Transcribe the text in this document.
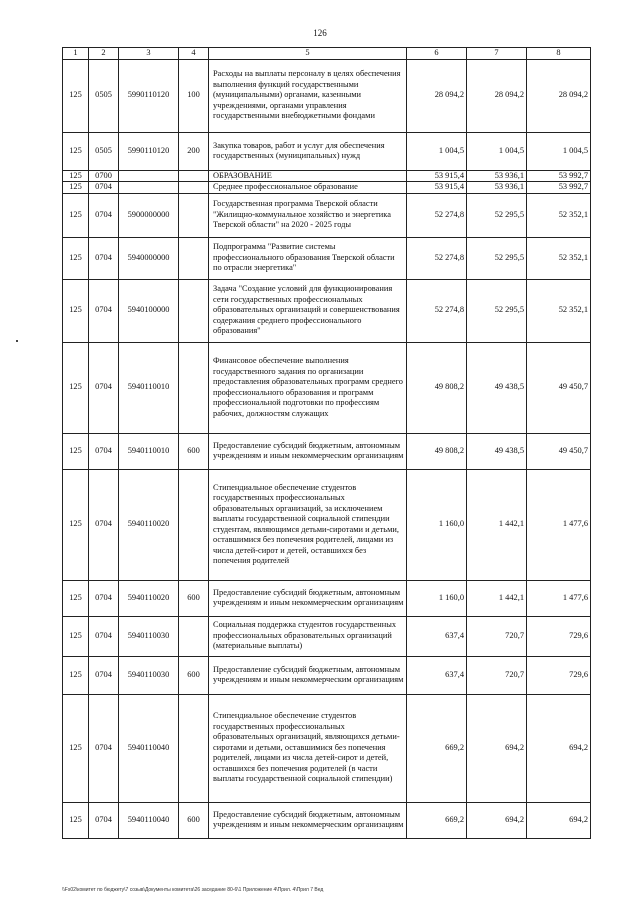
126
1	2	3	4	5	6	7	8
125	0505	5990110120	100	Расходы на выплаты персоналу в целях обеспечения выполнения функций государственными (муниципальными) органами, казенными учреждениями, органами управления государственными внебюджетными фондами	28 094,2	28 094,2	28 094,2
125	0505	5990110120	200	Закупка товаров, работ и услуг для обеспечения государственных (муниципальных) нужд	1 004,5	1 004,5	1 004,5
125	0700			ОБРАЗОВАНИЕ	53 915,4	53 936,1	53 992,7
125	0704			Среднее профессиональное образование	53 915,4	53 936,1	53 992,7
125	0704	5900000000		Государственная программа Тверской области "Жилищно-коммунальное хозяйство и энергетика Тверской области" на 2020 - 2025 годы	52 274,8	52 295,5	52 352,1
125	0704	5940000000		Подпрограмма "Развитие системы профессионального образования Тверской области по отрасли энергетика"	52 274,8	52 295,5	52 352,1
125	0704	5940100000		Задача "Создание условий для функционирования сети государственных профессиональных образовательных организаций и совершенствования содержания среднего профессионального образования"	52 274,8	52 295,5	52 352,1
125	0704	5940110010		Финансовое обеспечение выполнения государственного задания по организации предоставления образовательных программ среднего профессионального образования и программ профессиональной подготовки по профессиям рабочих, должностям служащих	49 808,2	49 438,5	49 450,7
125	0704	5940110010	600	Предоставление субсидий бюджетным, автономным учреждениям и иным некоммерческим организациям	49 808,2	49 438,5	49 450,7
125	0704	5940110020		Стипендиальное обеспечение студентов государственных профессиональных образовательных организаций, за исключением выплаты государственной социальной стипендии студентам, являющимся детьми-сиротами и детьми, оставшимися без попечения родителей, лицами из числа детей-сирот и детей, оставшихся без попечения родителей	1 160,0	1 442,1	1 477,6
125	0704	5940110020	600	Предоставление субсидий бюджетным, автономным учреждениям и иным некоммерческим организациям	1 160,0	1 442,1	1 477,6
125	0704	5940110030		Социальная поддержка студентов государственных профессиональных образовательных организаций (материальные выплаты)	637,4	720,7	729,6
125	0704	5940110030	600	Предоставление субсидий бюджетным, автономным учреждениям и иным некоммерческим организациям	637,4	720,7	729,6
125	0704	5940110040		Стипендиальное обеспечение студентов государственных профессиональных образовательных организаций, являющихся детьми-сиротами и детьми, оставшимися без попечения родителей, лицами из числа детей-сирот и детей, оставшихся без попечения родителей (в части выплаты государственной социальной стипендии)	669,2	694,2	694,2
125	0704	5940110040	600	Предоставление субсидий бюджетным, автономным учреждениям и иным некоммерческим организациям	669,2	694,2	694,2
\\Fs02\комитет по бюджету\7 созыв\Документы комитета\26 заседание 80-6\1 Приложение 4\Прил. 4\Прил 7 Вед
